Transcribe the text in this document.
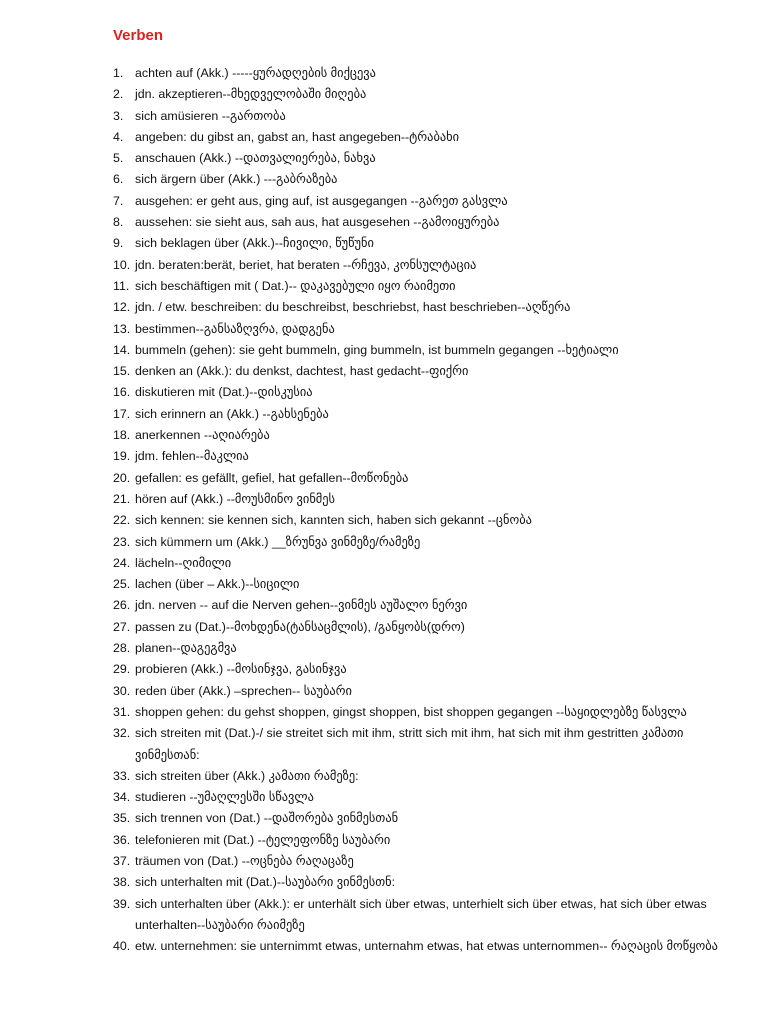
Verben
1. achten auf (Akk.) -----ყურადღების მიქცევა
2. jdn. akzeptieren--მხედველობაში მიღება
3. sich amüsieren --გართობა
4. angeben: du gibst an, gabst an, hast angegeben--ტრაბახი
5. anschauen (Akk.) --დათვალიერება, ნახვა
6. sich ärgern über (Akk.) ---გაბრაზება
7. ausgehen: er geht aus, ging auf, ist ausgegangen --გარეთ გასვლა
8. aussehen: sie sieht aus, sah aus, hat ausgesehen --გამოიყურება
9. sich beklagen über (Akk.)--ჩივილი, წუწუნი
10. jdn. beraten:berät, beriet, hat beraten --რჩევა, კონსულტაცია
11. sich beschäftigen mit ( Dat.)-- დაკავებული იყო რაიმეთი
12. jdn. / etw. beschreiben: du beschreibst, beschriebst, hast beschrieben--აღწერა
13. bestimmen--განსაზღვრა, დადგენა
14. bummeln (gehen): sie geht bummeln, ging bummeln, ist bummeln gegangen --ხეტიალი
15. denken an (Akk.): du denkst, dachtest, hast gedacht--ფიქრი
16. diskutieren mit (Dat.)--დისკუსია
17. sich erinnern an (Akk.) --გახსენება
18. anerkennen --აღიარება
19. jdm. fehlen--მაკლია
20. gefallen: es gefällt, gefiel, hat gefallen--მოწონება
21. hören auf (Akk.) --მოუსმინო ვინმეს
22. sich kennen: sie kennen sich, kannten sich, haben sich gekannt --ცნობა
23. sich kümmern um (Akk.) __ზრუნვა ვინმეზე/რამეზე
24. lächeln--ღიმილი
25. lachen (über – Akk.)--სიცილი
26. jdn. nerven -- auf die Nerven gehen--ვინმეს აუშალო ნერვი
27. passen zu (Dat.)--მოხდენა(ტანსაცმლის), /განყობს(დრო)
28. planen--დაგეგმვა
29. probieren (Akk.) --მოსინჯვა, გასინჯვა
30. reden über (Akk.) –sprechen-- საუბარი
31. shoppen gehen: du gehst shoppen, gingst shoppen, bist shoppen gegangen --საყიდლებზე წასვლა
32. sich streiten mit (Dat.)-/ sie streitet sich mit ihm, stritt sich mit ihm, hat sich mit ihm gestritten კამათი ვინმესთან:
33. sich streiten über (Akk.) კამათი რამეზე:
34. studieren --უმაღლესში სწავლა
35. sich trennen von (Dat.) --დაშორება ვინმესთან
36. telefonieren mit (Dat.) --ტელეფონზე საუბარი
37. träumen von (Dat.) --ოცნება რაღაცაზე
38. sich unterhalten mit (Dat.)--საუბარი ვინმესთნ:
39. sich unterhalten über (Akk.): er unterhält sich über etwas, unterhielt sich über etwas, hat sich über etwas unterhalten--საუბარი რაიმეზე
40. etw. unternehmen: sie unternimmt etwas, unternahm etwas, hat etwas unternommen-- რაღაცის მოწყობა
